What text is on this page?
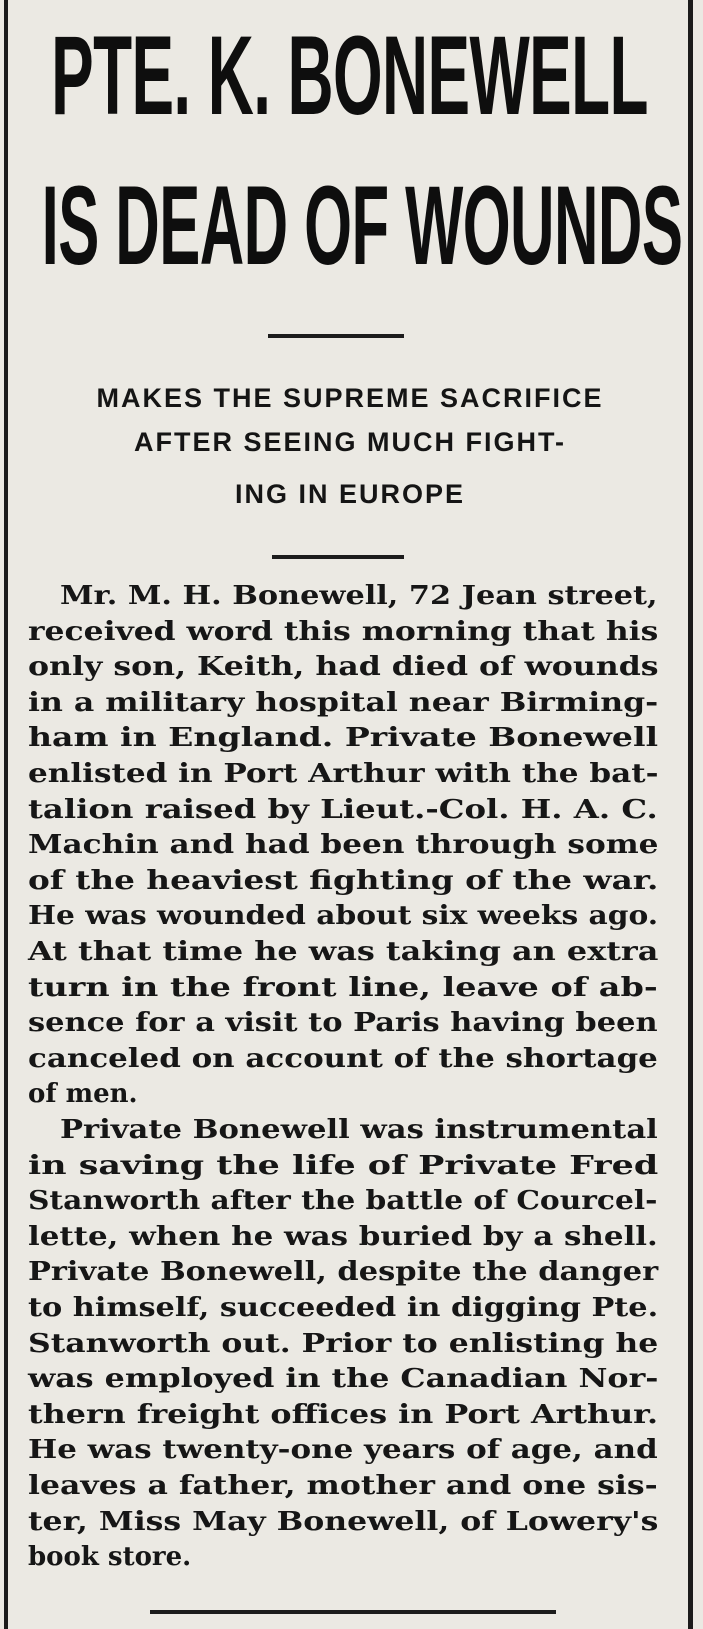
PTE. K. BONEWELL
IS DEAD OF WOUNDS
MAKES THE SUPREME SACRIFICE
AFTER SEEING MUCH FIGHT-
ING IN EUROPE
Mr. M. H. Bonewell, 72 Jean street,
received word this morning that his
only son, Keith, had died of wounds
in a military hospital near Birming-
ham in England. Private Bonewell
enlisted in Port Arthur with the bat-
talion raised by Lieut.-Col. H. A. C.
Machin and had been through some
of the heaviest fighting of the war.
He was wounded about six weeks ago.
At that time he was taking an extra
turn in the front line, leave of ab-
sence for a visit to Paris having been
canceled on account of the shortage
of men.
Private Bonewell was instrumental
in saving the life of Private Fred
Stanworth after the battle of Courcel-
lette, when he was buried by a shell.
Private Bonewell, despite the danger
to himself, succeeded in digging Pte.
Stanworth out. Prior to enlisting he
was employed in the Canadian Nor-
thern freight offices in Port Arthur.
He was twenty-one years of age, and
leaves a father, mother and one sis-
ter, Miss May Bonewell, of Lowery's
book store.
